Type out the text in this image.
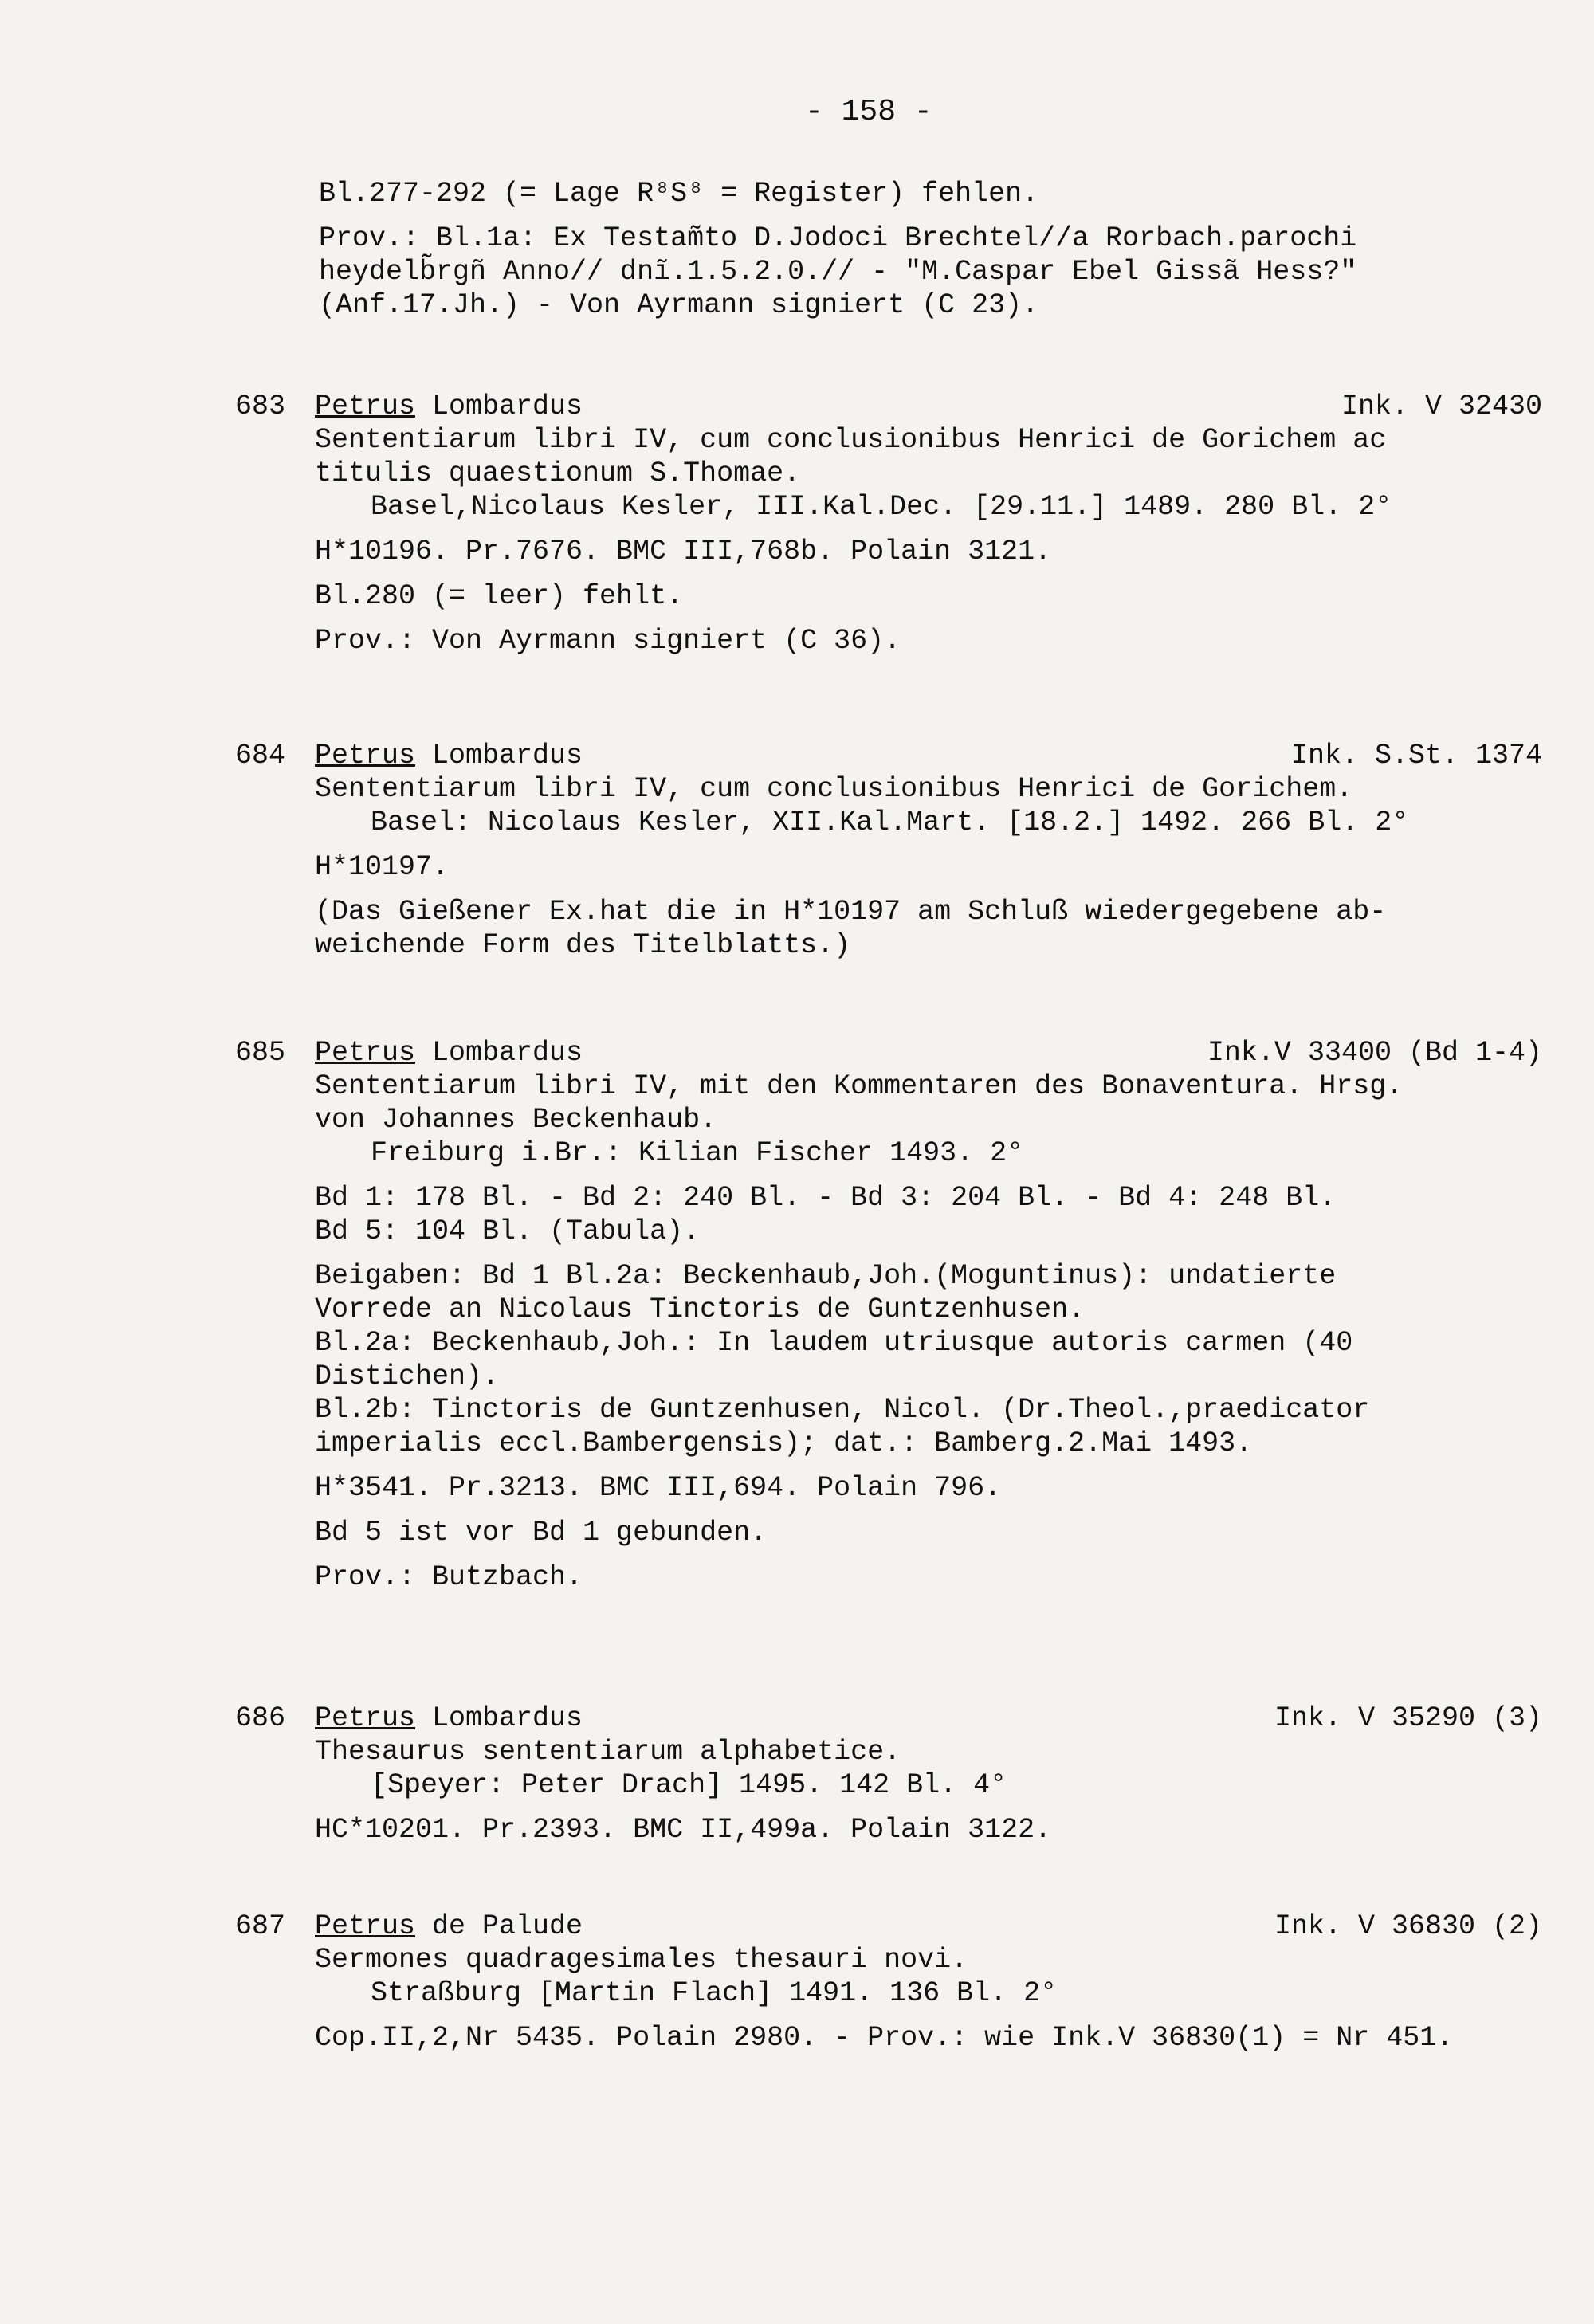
- 158 -
Bl.277-292 (= Lage R⁸S⁸ = Register) fehlen.
Prov.: Bl.1a: Ex Testam̃to D.Jodoci Brechtel//a Rorbach.parochi
heydelb̃rgñ Anno// dnĩ.1.5.2.0.// - "M.Caspar Ebel Gissã Hess?"
(Anf.17.Jh.) - Von Ayrmann signiert (C 23).
683	Petrus Lombardus	Ink. V 32430
Sententiarum libri IV, cum conclusionibus Henrici de Gorichem ac
titulis quaestionum S.Thomae.
Basel,Nicolaus Kesler, III.Kal.Dec. [29.11.] 1489. 280 Bl. 2°
H*10196. Pr.7676. BMC III,768b. Polain 3121.
Bl.280 (= leer) fehlt.
Prov.: Von Ayrmann signiert (C 36).
684	Petrus Lombardus	Ink. S.St. 1374
Sententiarum libri IV, cum conclusionibus Henrici de Gorichem.
Basel: Nicolaus Kesler, XII.Kal.Mart. [18.2.] 1492. 266 Bl. 2°
H*10197.
(Das Gießener Ex.hat die in H*10197 am Schluß wiedergegebene ab-
weichende Form des Titelblatts.)
685	Petrus Lombardus	Ink.V 33400 (Bd 1-4)
Sententiarum libri IV, mit den Kommentaren des Bonaventura. Hrsg.
von Johannes Beckenhaub.
Freiburg i.Br.: Kilian Fischer 1493. 2°
Bd 1: 178 Bl. - Bd 2: 240 Bl. - Bd 3: 204 Bl. - Bd 4: 248 Bl.
Bd 5: 104 Bl. (Tabula).
Beigaben: Bd 1 Bl.2a: Beckenhaub,Joh.(Moguntinus): undatierte
Vorrede an Nicolaus Tinctoris de Guntzenhusen.
Bl.2a: Beckenhaub,Joh.: In laudem utriusque autoris carmen (40
Distichen).
Bl.2b: Tinctoris de Guntzenhusen, Nicol. (Dr.Theol.,praedicator
imperialis eccl.Bambergensis); dat.: Bamberg.2.Mai 1493.
H*3541. Pr.3213. BMC III,694. Polain 796.
Bd 5 ist vor Bd 1 gebunden.
Prov.: Butzbach.
686	Petrus Lombardus	Ink. V 35290 (3)
Thesaurus sententiarum alphabetice.
[Speyer: Peter Drach] 1495. 142 Bl. 4°
HC*10201. Pr.2393. BMC II,499a. Polain 3122.
687	Petrus de Palude	Ink. V 36830 (2)
Sermones quadragesimales thesauri novi.
Straßburg [Martin Flach] 1491. 136 Bl. 2°
Cop.II,2,Nr 5435. Polain 2980. - Prov.: wie Ink.V 36830(1) = Nr 451.
